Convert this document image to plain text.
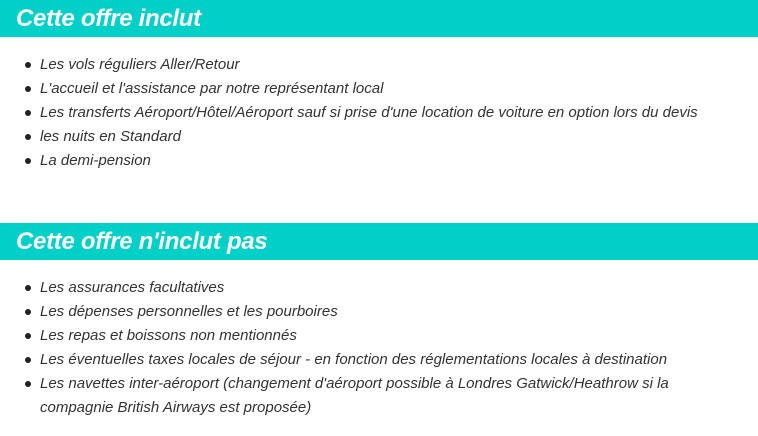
Cette offre inclut
Les vols réguliers Aller/Retour
L'accueil et l'assistance par notre représentant local
Les transferts Aéroport/Hôtel/Aéroport sauf si prise d'une location de voiture en option lors du devis
les nuits en Standard
La demi-pension
Cette offre n'inclut pas
Les assurances facultatives
Les dépenses personnelles et les pourboires
Les repas et boissons non mentionnés
Les éventuelles taxes locales de séjour - en fonction des réglementations locales à destination
Les navettes inter-aéroport (changement d'aéroport possible à Londres Gatwick/Heathrow si la compagnie British Airways est proposée)
